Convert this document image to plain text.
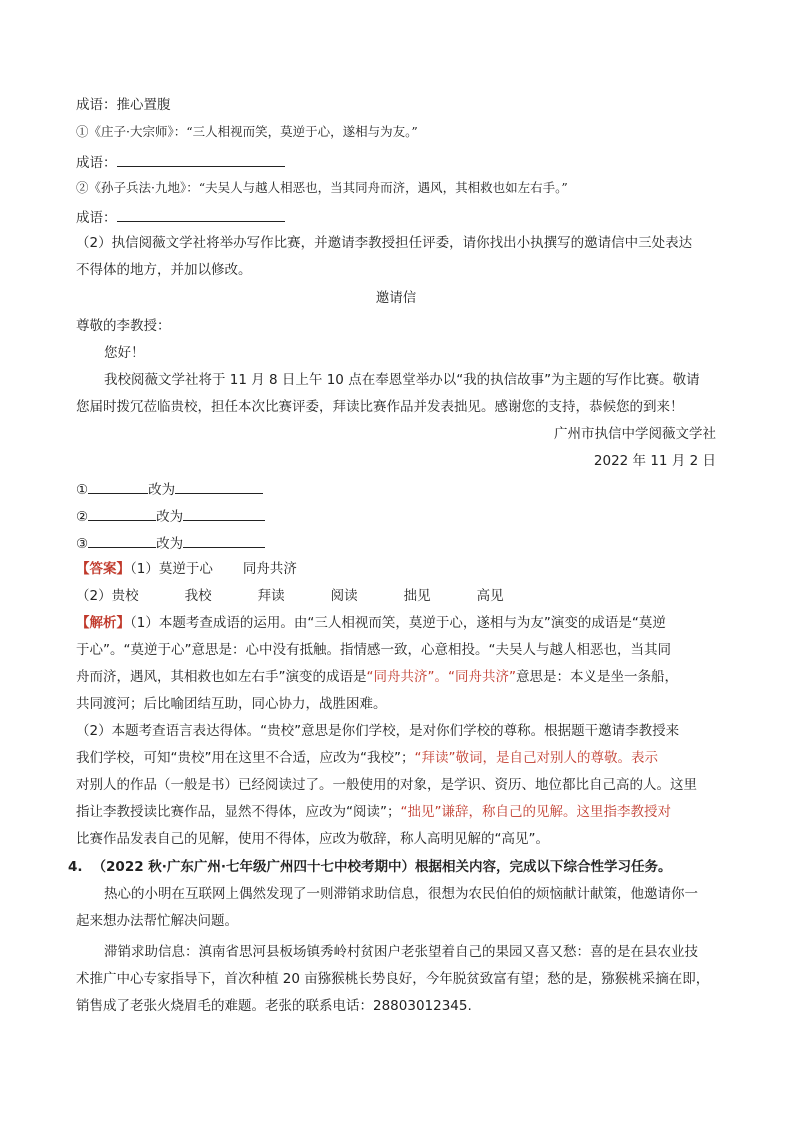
成语：推心置腹
①《庄子·大宗师》：“三人相视而笑，莫逆于心，遂相与为友。”
成语：
②《孙子兵法·九地》：“夫吴人与越人相恶也，当其同舟而济，遇风，其相救也如左右手。”
成语：
（2）执信阅薇文学社将举办写作比赛，并邀请李教授担任评委，请你找出小执撰写的邀请信中三处表达
不得体的地方，并加以修改。
邀请信
尊敬的李教授：
您好！
我校阅薇文学社将于 11 月 8 日上午 10 点在奉恩堂举办以“我的执信故事”为主题的写作比赛。敬请
您届时拨冗莅临贵校，担任本次比赛评委，拜读比赛作品并发表拙见。感谢您的支持，恭候您的到来！
广州市执信中学阅薇文学社
2022 年 11 月 2 日
①	改为
②	改为
③	改为
【答案】（1）莫逆于心 同舟共济
（2）贵校	我校	拜读	阅读	拙见	高见
【解析】（1）本题考查成语的运用。由“三人相视而笑，莫逆于心，遂相与为友”演变的成语是“莫逆
于心”。“莫逆于心”意思是：心中没有抵触。指情感一致，心意相投。“夫吴人与越人相恶也，当其同
舟而济，遇风，其相救也如左右手”演变的成语是“同舟共济”。“同舟共济”意思是：本义是坐一条船，
共同渡河；后比喻团结互助，同心协力，战胜困难。
（2）本题考查语言表达得体。“贵校”意思是你们学校，是对你们学校的尊称。根据题干邀请李教授来
我们学校，可知“贵校”用在这里不合适，应改为“我校”；“拜读”敬词，是自己对别人的尊敬。表示
对别人的作品（一般是书）已经阅读过了。一般使用的对象，是学识、资历、地位都比自己高的人。这里
指让李教授读比赛作品，显然不得体，应改为“阅读”；“拙见”谦辞，称自己的见解。这里指李教授对
比赛作品发表自己的见解，使用不得体，应改为敬辞，称人高明见解的“高见”。
4. （2022 秋·广东广州·七年级广州四十七中校考期中）根据相关内容，完成以下综合性学习任务。
热心的小明在互联网上偶然发现了一则滞销求助信息，很想为农民伯伯的烦恼献计献策，他邀请你一
起来想办法帮忙解决问题。
滞销求助信息：滇南省思河县板场镇秀岭村贫困户老张望着自己的果园又喜又愁：喜的是在县农业技
术推广中心专家指导下，首次种植 20 亩猕猴桃长势良好，今年脱贫致富有望；愁的是，猕猴桃采摘在即，
销售成了老张火烧眉毛的难题。老张的联系电话：28803012345.
